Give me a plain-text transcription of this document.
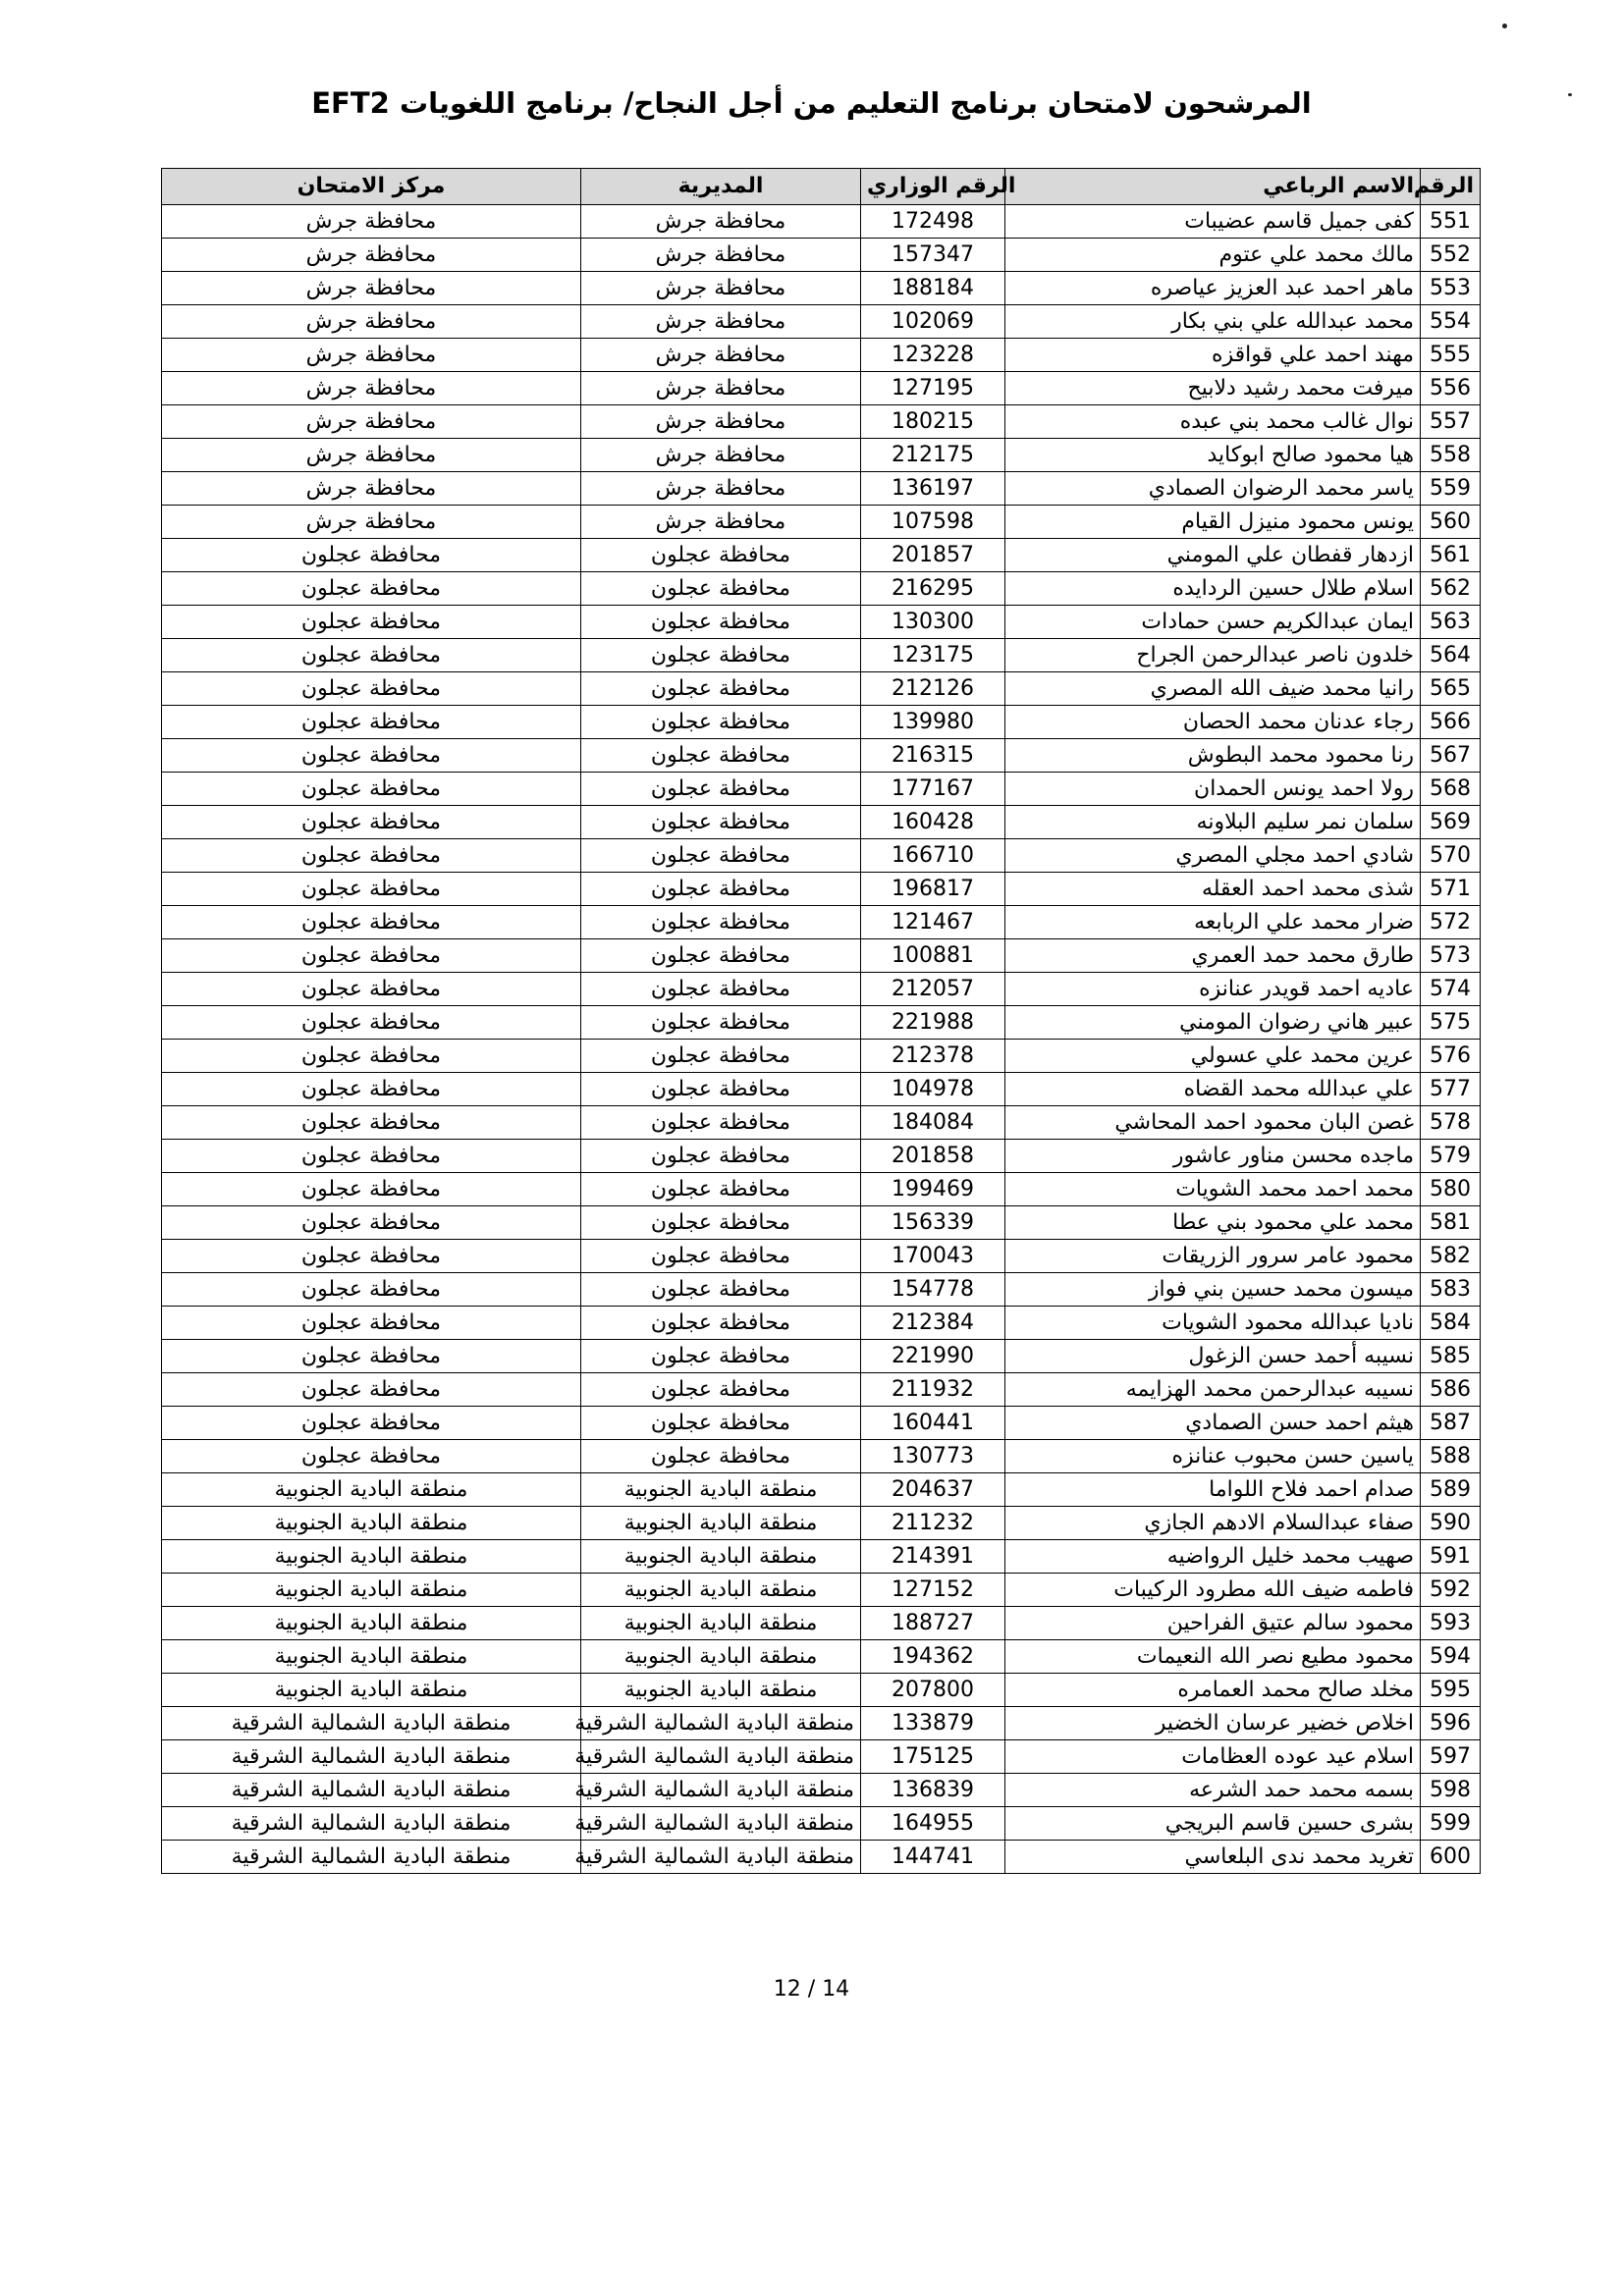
المرشحون لامتحان برنامج التعليم من أجل النجاح/ برنامج اللغويات EFT2
الرقم	الاسم الرباعي	الرقم الوزاري	المديرية	مركز الامتحان
551	كفى جميل قاسم عضيبات	172498	محافظة جرش	محافظة جرش
552	مالك محمد علي عتوم	157347	محافظة جرش	محافظة جرش
553	ماهر احمد عبد العزيز عياصره	188184	محافظة جرش	محافظة جرش
554	محمد عبدالله علي بني بكار	102069	محافظة جرش	محافظة جرش
555	مهند احمد علي قواقزه	123228	محافظة جرش	محافظة جرش
556	ميرفت محمد رشيد دلابيح	127195	محافظة جرش	محافظة جرش
557	نوال غالب محمد بني عبده	180215	محافظة جرش	محافظة جرش
558	هيا محمود صالح ابوكايد	212175	محافظة جرش	محافظة جرش
559	ياسر محمد الرضوان الصمادي	136197	محافظة جرش	محافظة جرش
560	يونس محمود منيزل القيام	107598	محافظة جرش	محافظة جرش
561	ازدهار قفطان علي المومني	201857	محافظة عجلون	محافظة عجلون
562	اسلام طلال حسين الردايده	216295	محافظة عجلون	محافظة عجلون
563	ايمان عبدالكريم حسن حمادات	130300	محافظة عجلون	محافظة عجلون
564	خلدون ناصر عبدالرحمن الجراح	123175	محافظة عجلون	محافظة عجلون
565	رانيا محمد ضيف الله المصري	212126	محافظة عجلون	محافظة عجلون
566	رجاء عدنان محمد الحصان	139980	محافظة عجلون	محافظة عجلون
567	رنا محمود محمد البطوش	216315	محافظة عجلون	محافظة عجلون
568	رولا احمد يونس الحمدان	177167	محافظة عجلون	محافظة عجلون
569	سلمان نمر سليم البلاونه	160428	محافظة عجلون	محافظة عجلون
570	شادي احمد مجلي المصري	166710	محافظة عجلون	محافظة عجلون
571	شذى محمد احمد العقله	196817	محافظة عجلون	محافظة عجلون
572	ضرار محمد علي الربابعه	121467	محافظة عجلون	محافظة عجلون
573	طارق محمد حمد العمري	100881	محافظة عجلون	محافظة عجلون
574	عاديه احمد قويدر عنانزه	212057	محافظة عجلون	محافظة عجلون
575	عبير هاني رضوان المومني	221988	محافظة عجلون	محافظة عجلون
576	عرين محمد علي عسولي	212378	محافظة عجلون	محافظة عجلون
577	علي عبدالله محمد القضاه	104978	محافظة عجلون	محافظة عجلون
578	غصن البان محمود احمد المحاشي	184084	محافظة عجلون	محافظة عجلون
579	ماجده محسن مناور عاشور	201858	محافظة عجلون	محافظة عجلون
580	محمد احمد محمد الشويات	199469	محافظة عجلون	محافظة عجلون
581	محمد علي محمود بني عطا	156339	محافظة عجلون	محافظة عجلون
582	محمود عامر سرور الزريقات	170043	محافظة عجلون	محافظة عجلون
583	ميسون محمد حسين بني فواز	154778	محافظة عجلون	محافظة عجلون
584	ناديا عبدالله محمود الشويات	212384	محافظة عجلون	محافظة عجلون
585	نسيبه أحمد حسن الزغول	221990	محافظة عجلون	محافظة عجلون
586	نسيبه عبدالرحمن محمد الهزايمه	211932	محافظة عجلون	محافظة عجلون
587	هيثم احمد حسن الصمادي	160441	محافظة عجلون	محافظة عجلون
588	ياسين حسن محبوب عنانزه	130773	محافظة عجلون	محافظة عجلون
589	صدام احمد فلاح اللواما	204637	منطقة البادية الجنوبية	منطقة البادية الجنوبية
590	صفاء عبدالسلام الادهم الجازي	211232	منطقة البادية الجنوبية	منطقة البادية الجنوبية
591	صهيب محمد خليل الرواضيه	214391	منطقة البادية الجنوبية	منطقة البادية الجنوبية
592	فاطمه ضيف الله مطرود الركيبات	127152	منطقة البادية الجنوبية	منطقة البادية الجنوبية
593	محمود سالم عتيق الفراحين	188727	منطقة البادية الجنوبية	منطقة البادية الجنوبية
594	محمود مطيع نصر الله النعيمات	194362	منطقة البادية الجنوبية	منطقة البادية الجنوبية
595	مخلد صالح محمد العمامره	207800	منطقة البادية الجنوبية	منطقة البادية الجنوبية
596	اخلاص خضير عرسان الخضير	133879	منطقة البادية الشمالية الشرقية	منطقة البادية الشمالية الشرقية
597	اسلام عيد عوده العظامات	175125	منطقة البادية الشمالية الشرقية	منطقة البادية الشمالية الشرقية
598	بسمه محمد حمد الشرعه	136839	منطقة البادية الشمالية الشرقية	منطقة البادية الشمالية الشرقية
599	بشرى حسين قاسم البريجي	164955	منطقة البادية الشمالية الشرقية	منطقة البادية الشمالية الشرقية
600	تغريد محمد ندى البلعاسي	144741	منطقة البادية الشمالية الشرقية	منطقة البادية الشمالية الشرقية
12 / 14
